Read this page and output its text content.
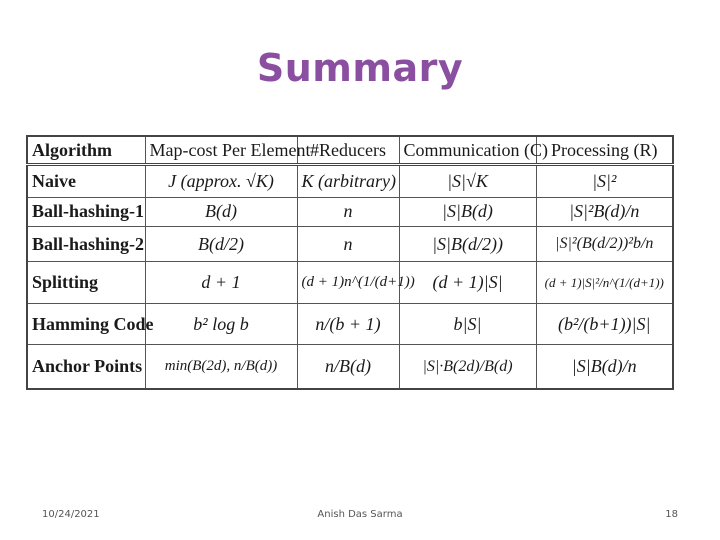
Summary
Algorithm	Map-cost Per Element	#Reducers	Communication (C)	Processing (R)
Naive	J (approx. √K)	K (arbitrary)	|S|√K	|S|²
Ball-hashing-1	B(d)	n	|S|B(d)	|S|²B(d)/n
Ball-hashing-2	B(d/2)	n	|S|B(d/2))	|S|²(B(d/2))²b/n
Splitting	d + 1	(d + 1)n^(1/(d+1))	(d + 1)|S|	(d + 1)|S|²/n^(1/(d+1))
Hamming Code	b² log b	n/(b + 1)	b|S|	(b²/(b+1))|S|
Anchor Points	min(B(2d), n/B(d))	n/B(d)	|S|·B(2d)/B(d)	|S|B(d)/n
10/24/2021	Anish Das Sarma	18
